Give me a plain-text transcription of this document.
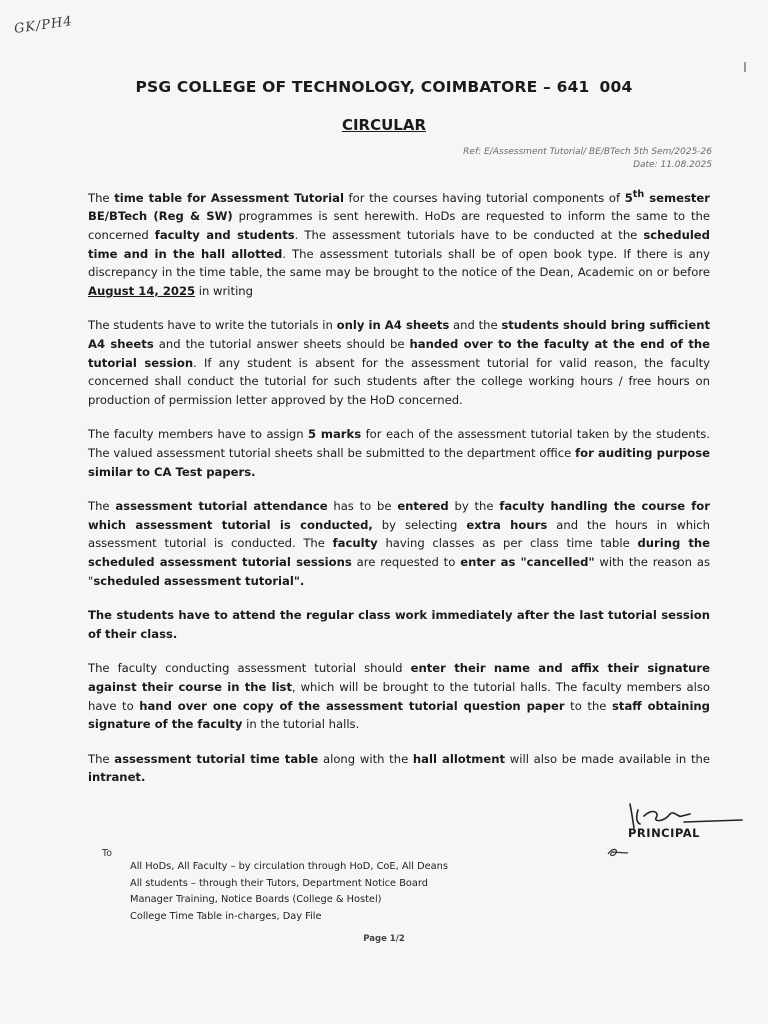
GK/PH4
PSG COLLEGE OF TECHNOLOGY, COIMBATORE – 641 004
CIRCULAR
Ref: E/Assessment Tutorial/ BE/BTech 5th Sem/2025-26
Date: 11.08.2025

The time table for Assessment Tutorial for the courses having tutorial components of 5th semester BE/BTech (Reg & SW) programmes is sent herewith. HoDs are requested to inform the same to the concerned faculty and students. The assessment tutorials have to be conducted at the scheduled time and in the hall allotted. The assessment tutorials shall be of open book type. If there is any discrepancy in the time table, the same may be brought to the notice of the Dean, Academic on or before August 14, 2025 in writing

The students have to write the tutorials in only in A4 sheets and the students should bring sufficient A4 sheets and the tutorial answer sheets should be handed over to the faculty at the end of the tutorial session. If any student is absent for the assessment tutorial for valid reason, the faculty concerned shall conduct the tutorial for such students after the college working hours / free hours on production of permission letter approved by the HoD concerned.

The faculty members have to assign 5 marks for each of the assessment tutorial taken by the students. The valued assessment tutorial sheets shall be submitted to the department office for auditing purpose similar to CA Test papers.

The assessment tutorial attendance has to be entered by the faculty handling the course for which assessment tutorial is conducted, by selecting extra hours and the hours in which assessment tutorial is conducted. The faculty having classes as per class time table during the scheduled assessment tutorial sessions are requested to enter as "cancelled" with the reason as "scheduled assessment tutorial".

The students have to attend the regular class work immediately after the last tutorial session of their class.

The faculty conducting assessment tutorial should enter their name and affix their signature against their course in the list, which will be brought to the tutorial halls. The faculty members also have to hand over one copy of the assessment tutorial question paper to the staff obtaining signature of the faculty in the tutorial halls.

The assessment tutorial time table along with the hall allotment will also be made available in the intranet.

PRINCIPAL
To
All HoDs, All Faculty – by circulation through HoD, CoE, All Deans
All students – through their Tutors, Department Notice Board
Manager Training, Notice Boards (College & Hostel)
College Time Table in-charges, Day File
Page 1/2
